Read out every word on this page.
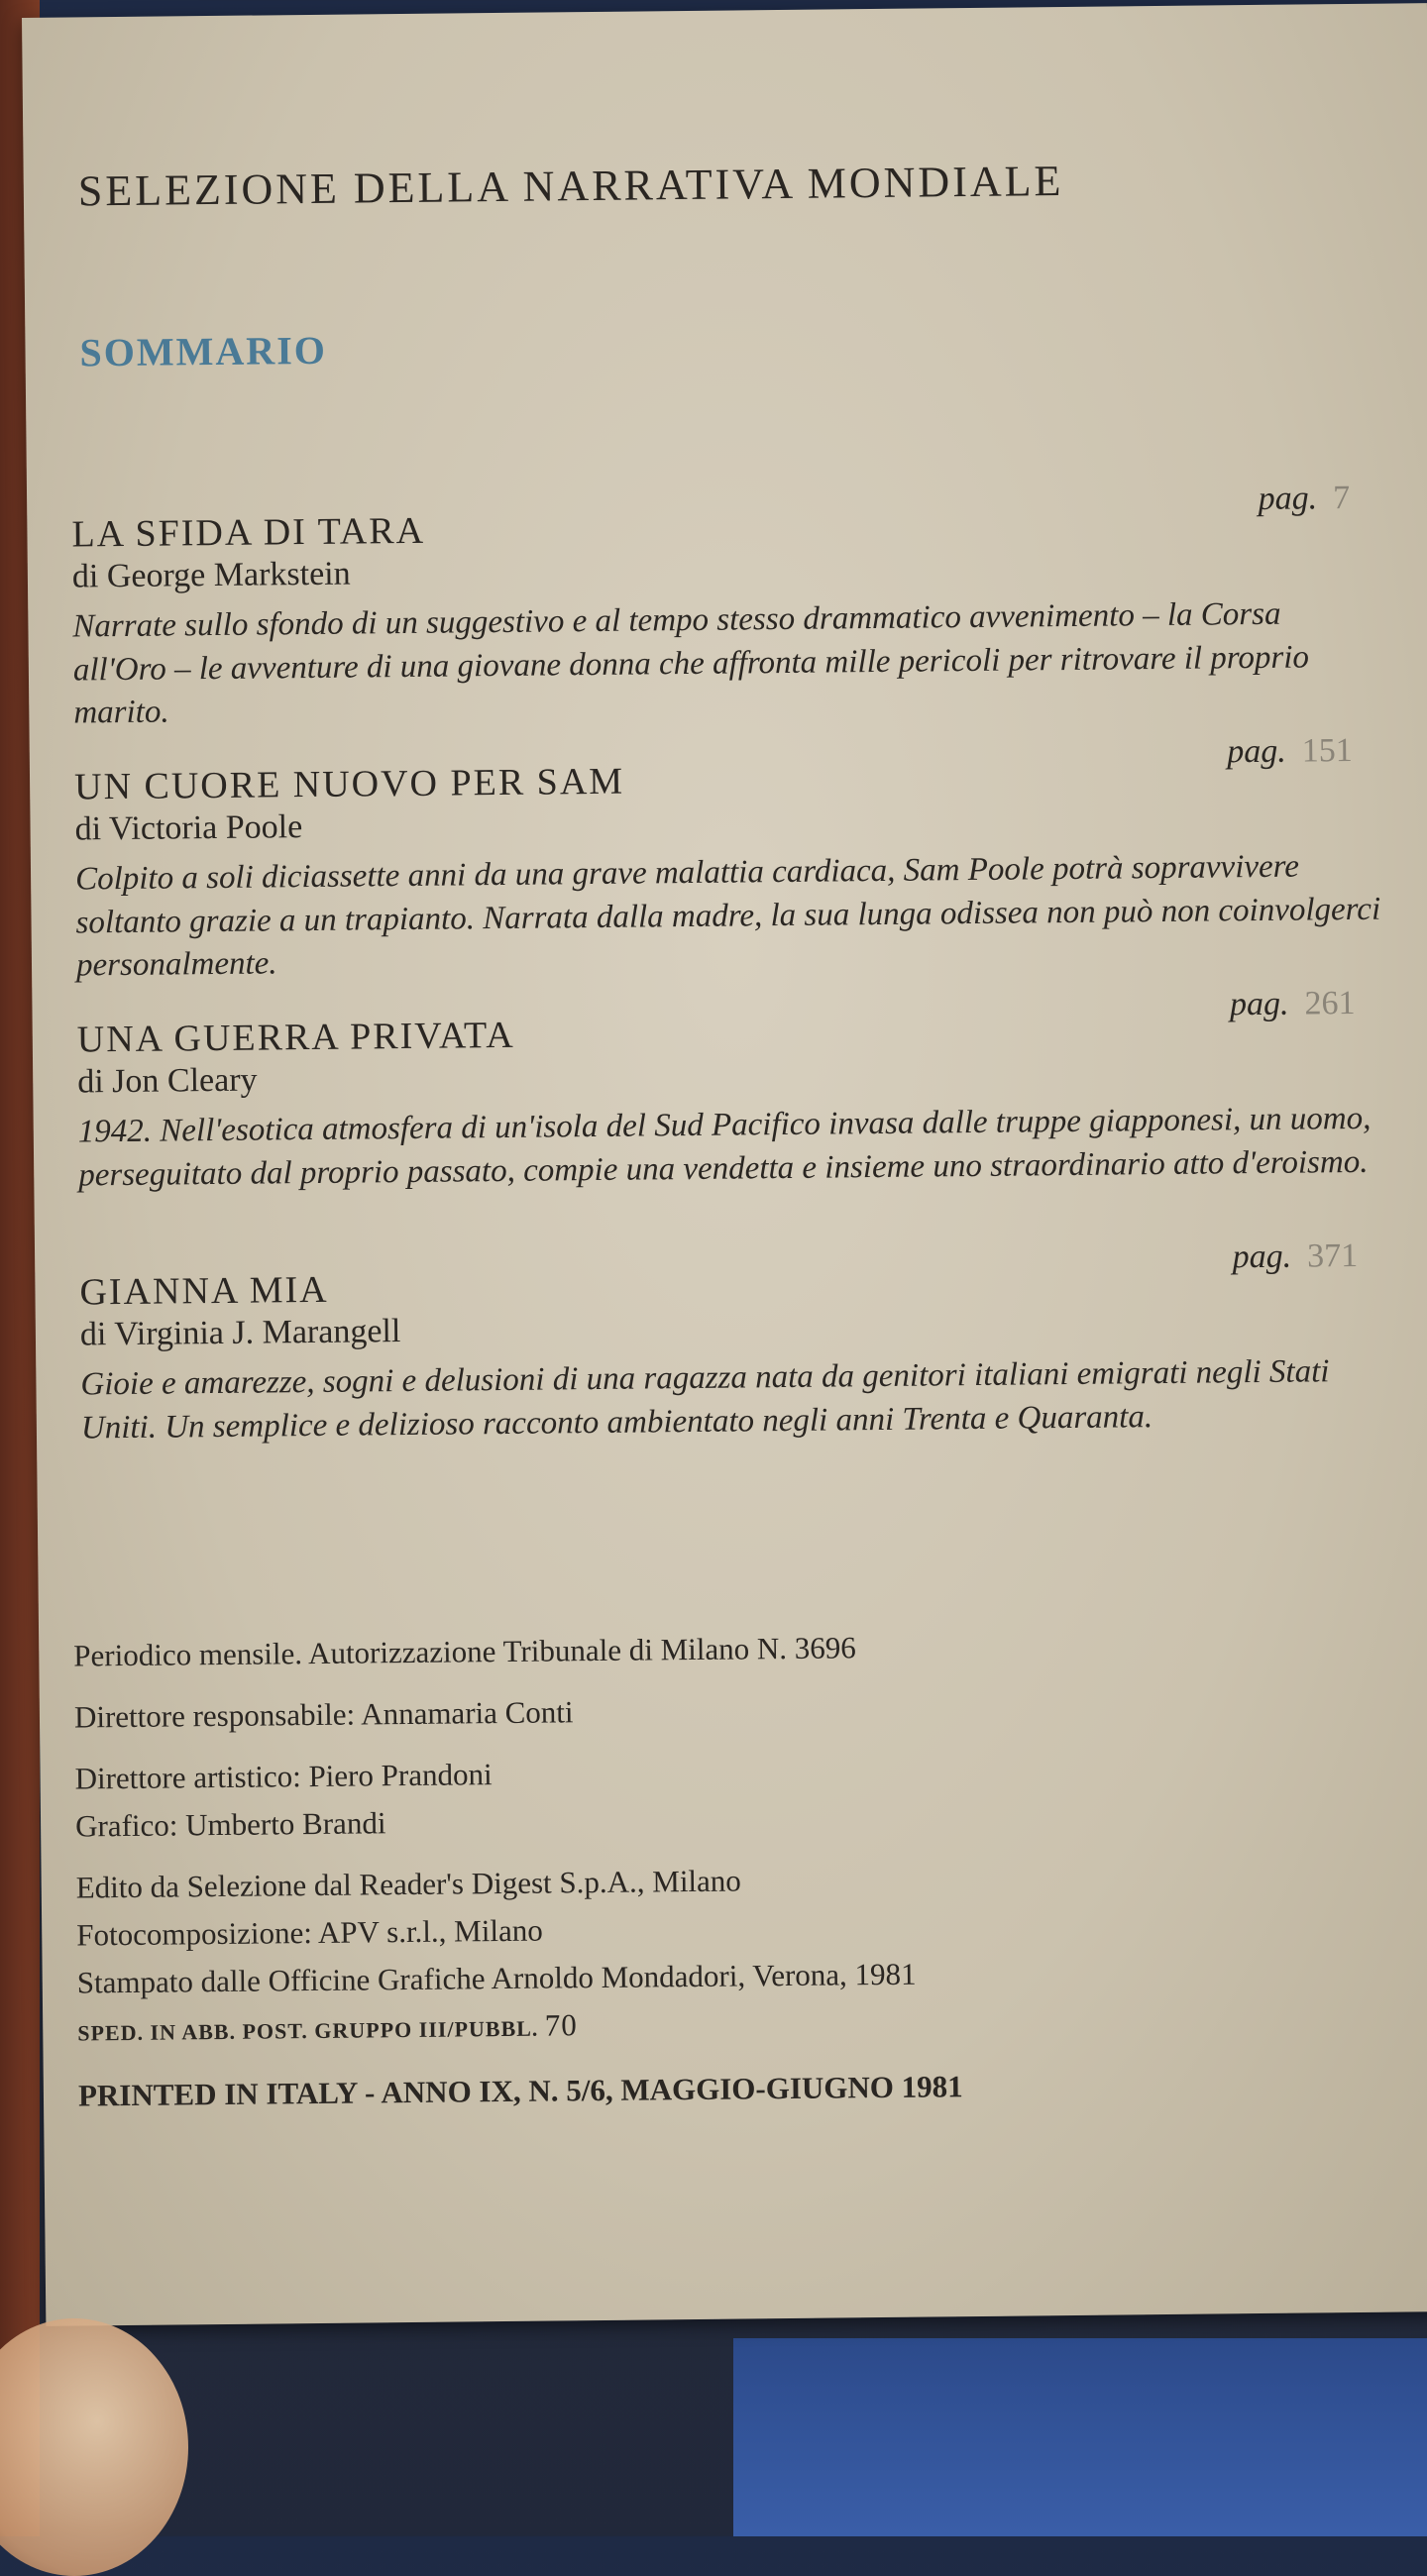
SELEZIONE DELLA NARRATIVA MONDIALE
SOMMARIO
pag. 7
LA SFIDA DI TARA
di George Markstein

Narrate sullo sfondo di un suggestivo e al tempo stesso drammatico avvenimento – la Corsa all'Oro – le avventure di una giovane donna che affronta mille pericoli per ritrovare il proprio marito.

pag. 151
UN CUORE NUOVO PER SAM
di Victoria Poole

Colpito a soli diciassette anni da una grave malattia cardiaca, Sam Poole potrà sopravvivere soltanto grazie a un trapianto. Narrata dalla madre, la sua lunga odissea non può non coinvolgerci personalmente.

pag. 261
UNA GUERRA PRIVATA
di Jon Cleary

1942. Nell'esotica atmosfera di un'isola del Sud Pacifico invasa dalle truppe giapponesi, un uomo, perseguitato dal proprio passato, compie una vendetta e insieme uno straordinario atto d'eroismo.

pag. 371
GIANNA MIA
di Virginia J. Marangell

Gioie e amarezze, sogni e delusioni di una ragazza nata da genitori italiani emigrati negli Stati Uniti. Un semplice e delizioso racconto ambientato negli anni Trenta e Quaranta.

Periodico mensile. Autorizzazione Tribunale di Milano N. 3696

Direttore responsabile: Annamaria Conti

Direttore artistico: Piero Prandoni

Grafico: Umberto Brandi

Edito da Selezione dal Reader's Digest S.p.A., Milano

Fotocomposizione: APV s.r.l., Milano

Stampato dalle Officine Grafiche Arnoldo Mondadori, Verona, 1981

SPED. IN ABB. POST. GRUPPO III/PUBBL. 70

PRINTED IN ITALY - ANNO IX, N. 5/6, MAGGIO-GIUGNO 1981
